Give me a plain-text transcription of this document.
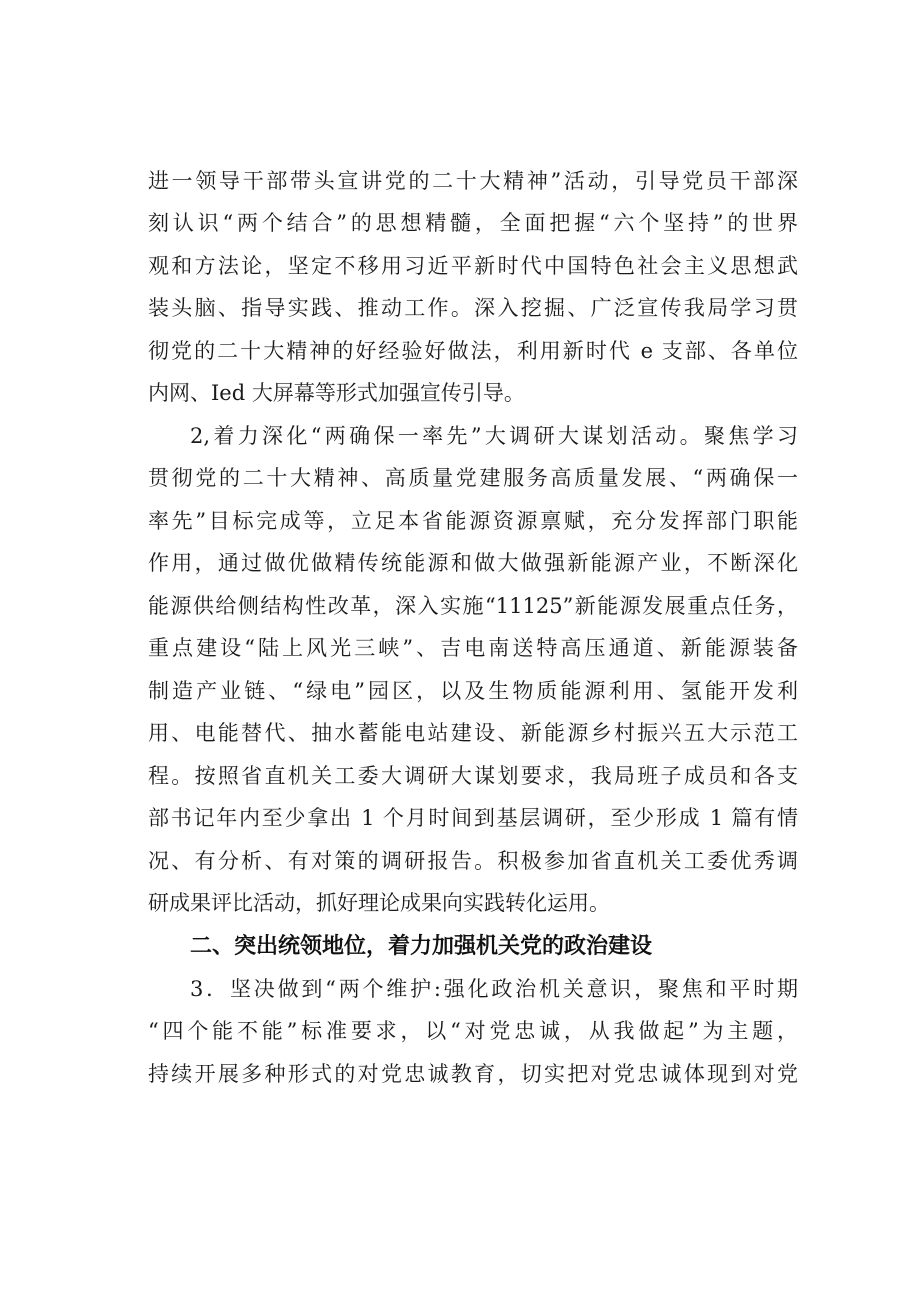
进一领导干部带头宣讲党的二十大精神”活动，引导党员干部深
刻认识“两个结合”的思想精髓，全面把握“六个坚持”的世界
观和方法论，坚定不移用习近平新时代中国特色社会主义思想武
装头脑、指导实践、推动工作。深入挖掘、广泛宣传我局学习贯
彻党的二十大精神的好经验好做法，利用新时代 e 支部、各单位
内网、Ied 大屏幕等形式加强宣传引导。
2,着力深化“两确保一率先”大调研大谋划活动。聚焦学习
贯彻党的二十大精神、高质量党建服务高质量发展、“两确保一
率先”目标完成等，立足本省能源资源禀赋，充分发挥部门职能
作用，通过做优做精传统能源和做大做强新能源产业，不断深化
能源供给侧结构性改革，深入实施“11125”新能源发展重点任务，
重点建设“陆上风光三峡”、吉电南送特高压通道、新能源装备
制造产业链、“绿电”园区，以及生物质能源利用、氢能开发利
用、电能替代、抽水蓄能电站建设、新能源乡村振兴五大示范工
程。按照省直机关工委大调研大谋划要求，我局班子成员和各支
部书记年内至少拿出 1 个月时间到基层调研，至少形成 1 篇有情
况、有分析、有对策的调研报告。积极参加省直机关工委优秀调
研成果评比活动，抓好理论成果向实践转化运用。
二、突出统领地位，着力加强机关党的政治建设
3．坚决做到“两个维护:强化政治机关意识，聚焦和平时期
“四个能不能”标准要求，以“对党忠诚，从我做起”为主题，
持续开展多种形式的对党忠诚教育，切实把对党忠诚体现到对党
